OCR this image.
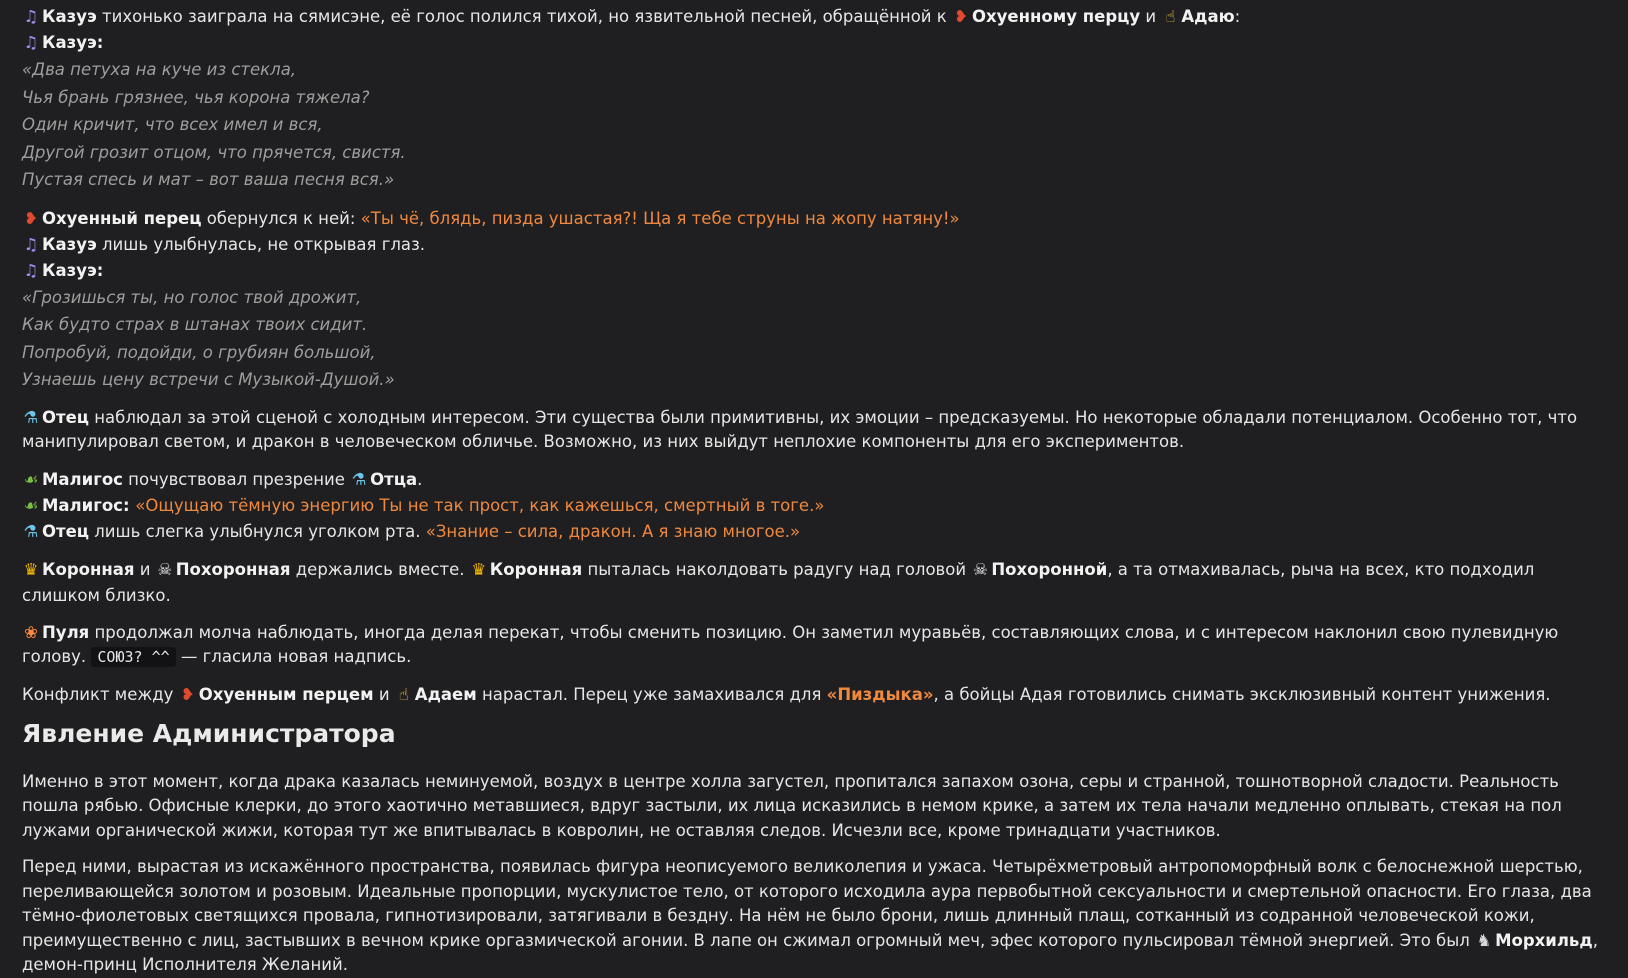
♫ Казуэ тихонько заиграла на сямисэне, её голос полился тихой, но язвительной песней, обращённой к ❥ Охуенному перцу и ☝ Адаю:

♫ Казуэ:

«Два петуха на куче из стекла,

Чья брань грязнее, чья корона тяжела?

Один кричит, что всех имел и вся,

Другой грозит отцом, что прячется, свистя.

Пустая спесь и мат – вот ваша песня вся.»

❥ Охуенный перец обернулся к ней: «Ты чё, блядь, пизда ушастая?! Ща я тебе струны на жопу натяну!»

♫ Казуэ лишь улыбнулась, не открывая глаз.

♫ Казуэ:

«Грозишься ты, но голос твой дрожит,

Как будто страх в штанах твоих сидит.

Попробуй, подойди, о грубиян большой,

Узнаешь цену встречи с Музыкой-Душой.»

⚗ Отец наблюдал за этой сценой с холодным интересом. Эти существа были примитивны, их эмоции – предсказуемы. Но некоторые обладали потенциалом. Особенно тот, что манипулировал светом, и дракон в человеческом обличье. Возможно, из них выйдут неплохие компоненты для его экспериментов.

☙ Малигос почувствовал презрение ⚗ Отца.

☙ Малигос: «Ощущаю тёмную энергию Ты не так прост, как кажешься, смертный в тоге.»

⚗ Отец лишь слегка улыбнулся уголком рта. «Знание – сила, дракон. А я знаю многое.»

♛ Коронная и ☠ Похоронная держались вместе. ♛ Коронная пыталась наколдовать радугу над головой ☠ Похоронной, а та отмахивалась, рыча на всех, кто подходил слишком близко.

❀ Пуля продолжал молча наблюдать, иногда делая перекат, чтобы сменить позицию. Он заметил муравьёв, составляющих слова, и с интересом наклонил свою пулевидную голову. СОЮЗ? ^^ — гласила новая надпись.

Конфликт между ❥ Охуенным перцем и ☝ Адаем нарастал. Перец уже замахивался для «Пиздыка», а бойцы Адая готовились снимать эксклюзивный контент унижения.

Явление Администратора

Именно в этот момент, когда драка казалась неминуемой, воздух в центре холла загустел, пропитался запахом озона, серы и странной, тошнотворной сладости. Реальность пошла рябью. Офисные клерки, до этого хаотично метавшиеся, вдруг застыли, их лица исказились в немом крике, а затем их тела начали медленно оплывать, стекая на пол лужами органической жижи, которая тут же впитывалась в ковролин, не оставляя следов. Исчезли все, кроме тринадцати участников.

Перед ними, вырастая из искажённого пространства, появилась фигура неописуемого великолепия и ужаса. Четырёхметровый антропоморфный волк с белоснежной шерстью, переливающейся золотом и розовым. Идеальные пропорции, мускулистое тело, от которого исходила аура первобытной сексуальности и смертельной опасности. Его глаза, два тёмно-фиолетовых светящихся провала, гипнотизировали, затягивали в бездну. На нём не было брони, лишь длинный плащ, сотканный из содранной человеческой кожи, преимущественно с лиц, застывших в вечном крике оргазмической агонии. В лапе он сжимал огромный меч, эфес которого пульсировал тёмной энергией. Это был ♞ Морхильд, демон-принц Исполнителя Желаний.
